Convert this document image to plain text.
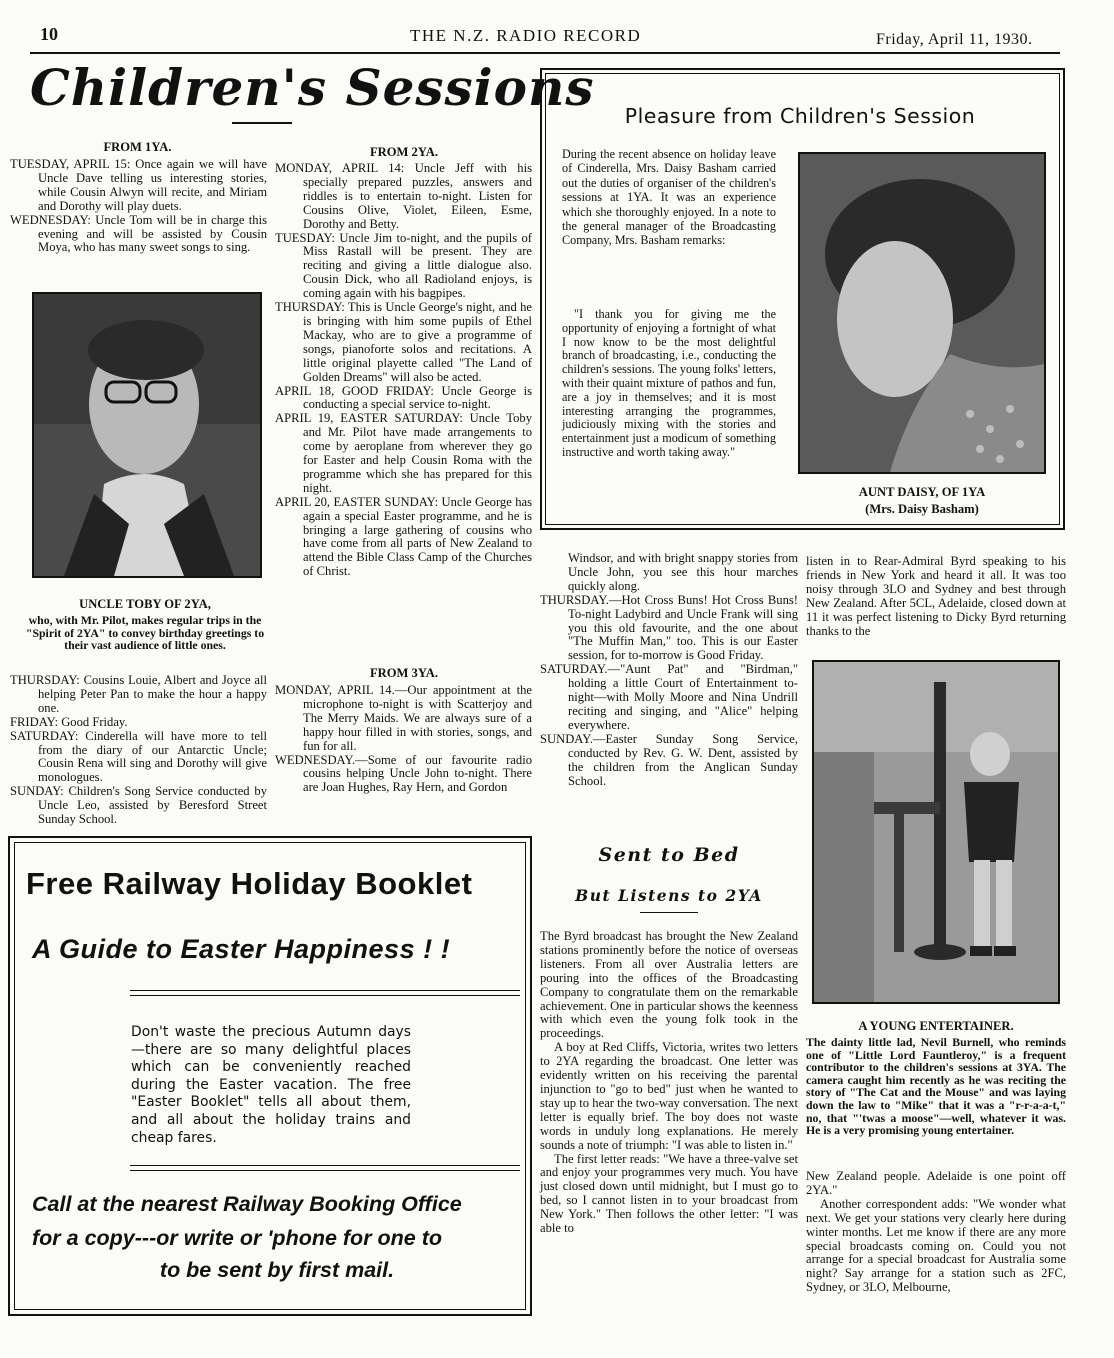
10	THE N.Z. RADIO RECORD	Friday, April 11, 1930.
Children's Sessions
FROM 1YA.

TUESDAY, APRIL 15: Once again we will have Uncle Dave telling us interesting stories, while Cousin Alwyn will recite, and Miriam and Dorothy will play duets.

WEDNESDAY: Uncle Tom will be in charge this evening and will be assisted by Cousin Moya, who has many sweet songs to sing.

UNCLE TOBY OF 2YA,
who, with Mr. Pilot, makes regular trips in the "Spirit of 2YA" to convey birthday greetings to their vast audience of little ones.

THURSDAY: Cousins Louie, Albert and Joyce all helping Peter Pan to make the hour a happy one.

FRIDAY: Good Friday.

SATURDAY: Cinderella will have more to tell from the diary of our Antarctic Uncle; Cousin Rena will sing and Dorothy will give monologues.

SUNDAY: Children's Song Service conducted by Uncle Leo, assisted by Beresford Street Sunday School.

FROM 2YA.

MONDAY, APRIL 14: Uncle Jeff with his specially prepared puzzles, answers and riddles is to entertain to-night. Listen for Cousins Olive, Violet, Eileen, Esme, Dorothy and Betty.

TUESDAY: Uncle Jim to-night, and the pupils of Miss Rastall will be present. They are reciting and giving a little dialogue also. Cousin Dick, who all Radioland enjoys, is coming again with his bagpipes.

THURSDAY: This is Uncle George's night, and he is bringing with him some pupils of Ethel Mackay, who are to give a programme of songs, pianoforte solos and recitations. A little original playette called "The Land of Golden Dreams" will also be acted.

APRIL 18, GOOD FRIDAY: Uncle George is conducting a special service to-night.

APRIL 19, EASTER SATURDAY: Uncle Toby and Mr. Pilot have made arrangements to come by aeroplane from wherever they go for Easter and help Cousin Roma with the programme which she has prepared for this night.

APRIL 20, EASTER SUNDAY: Uncle George has again a special Easter programme, and he is bringing a large gathering of cousins who have come from all parts of New Zealand to attend the Bible Class Camp of the Churches of Christ.

FROM 3YA.

MONDAY, APRIL 14.—Our appointment at the microphone to-night is with Scatterjoy and The Merry Maids. We are always sure of a happy hour filled in with stories, songs, and fun for all.

WEDNESDAY.—Some of our favourite radio cousins helping Uncle John to-night. There are Joan Hughes, Ray Hern, and Gordon

Pleasure from Children's Session
During the recent absence on holiday leave of Cinderella, Mrs. Daisy Basham carried out the duties of organiser of the children's sessions at 1YA. It was an experience which she thoroughly enjoyed. In a note to the general manager of the Broadcasting Company, Mrs. Basham remarks:
"I thank you for giving me the opportunity of enjoying a fortnight of what I now know to be the most delightful branch of broadcasting, i.e., conducting the children's sessions. The young folks' letters, with their quaint mixture of pathos and fun, are a joy in themselves; and it is most interesting arranging the programmes, judiciously mixing with the stories and entertainment just a modicum of something instructive and worth taking away."
AUNT DAISY, OF 1YA
(Mrs. Daisy Basham)

Windsor, and with bright snappy stories from Uncle John, you see this hour marches quickly along.

THURSDAY.—Hot Cross Buns! Hot Cross Buns! To-night Ladybird and Uncle Frank will sing you this old favourite, and the one about "The Muffin Man," too. This is our Easter session, for to-morrow is Good Friday.

SATURDAY.—"Aunt Pat" and "Birdman," holding a little Court of Entertainment to-night—with Molly Moore and Nina Undrill reciting and singing, and "Alice" helping everywhere.

SUNDAY.—Easter Sunday Song Service, conducted by Rev. G. W. Dent, assisted by the children from the Anglican Sunday School.

Sent to Bed
But Listens to 2YA

The Byrd broadcast has brought the New Zealand stations prominently before the notice of overseas listeners. From all over Australia letters are pouring into the offices of the Broadcasting Company to congratulate them on the remarkable achievement. One in particular shows the keenness with which even the young folk took in the proceedings.

A boy at Red Cliffs, Victoria, writes two letters to 2YA regarding the broadcast. One letter was evidently written on his receiving the parental injunction to "go to bed" just when he wanted to stay up to hear the two-way conversation. The next letter is equally brief. The boy does not waste words in unduly long explanations. He merely sounds a note of triumph: "I was able to listen in."

The first letter reads: "We have a three-valve set and enjoy your programmes very much. You have just closed down until midnight, but I must go to bed, so I cannot listen in to your broadcast from New York." Then follows the other letter: "I was able to

listen in to Rear-Admiral Byrd speaking to his friends in New York and heard it all. It was too noisy through 3LO and Sydney and best through New Zealand. After 5CL, Adelaide, closed down at 11 it was perfect listening to Dicky Byrd returning thanks to the
A YOUNG ENTERTAINER.
The dainty little lad, Nevil Burnell, who reminds one of "Little Lord Fauntleroy," is a frequent contributor to the children's sessions at 3YA. The camera caught him recently as he was reciting the story of "The Cat and the Mouse" and was laying down the law to "Mike" that it was a "r-r-a-a-t," no, that "'twas a moose"—well, whatever it was. He is a very promising young entertainer.

New Zealand people. Adelaide is one point off 2YA."

Another correspondent adds: "We wonder what next. We get your stations very clearly here during winter months. Let me know if there are any more special broadcasts coming on. Could you not arrange for a special broadcast for Australia some night? Say arrange for a station such as 2FC, Sydney, or 3LO, Melbourne,

Free Railway Holiday Booklet
A Guide to Easter Happiness ! !
Don't waste the precious Autumn days—there are so many delightful places which can be conveniently reached during the Easter vacation. The free "Easter Booklet" tells all about them, and all about the holiday trains and cheap fares.
Call at the nearest Railway Booking Office
for a copy---or write or 'phone for one to
to be sent by first mail.
